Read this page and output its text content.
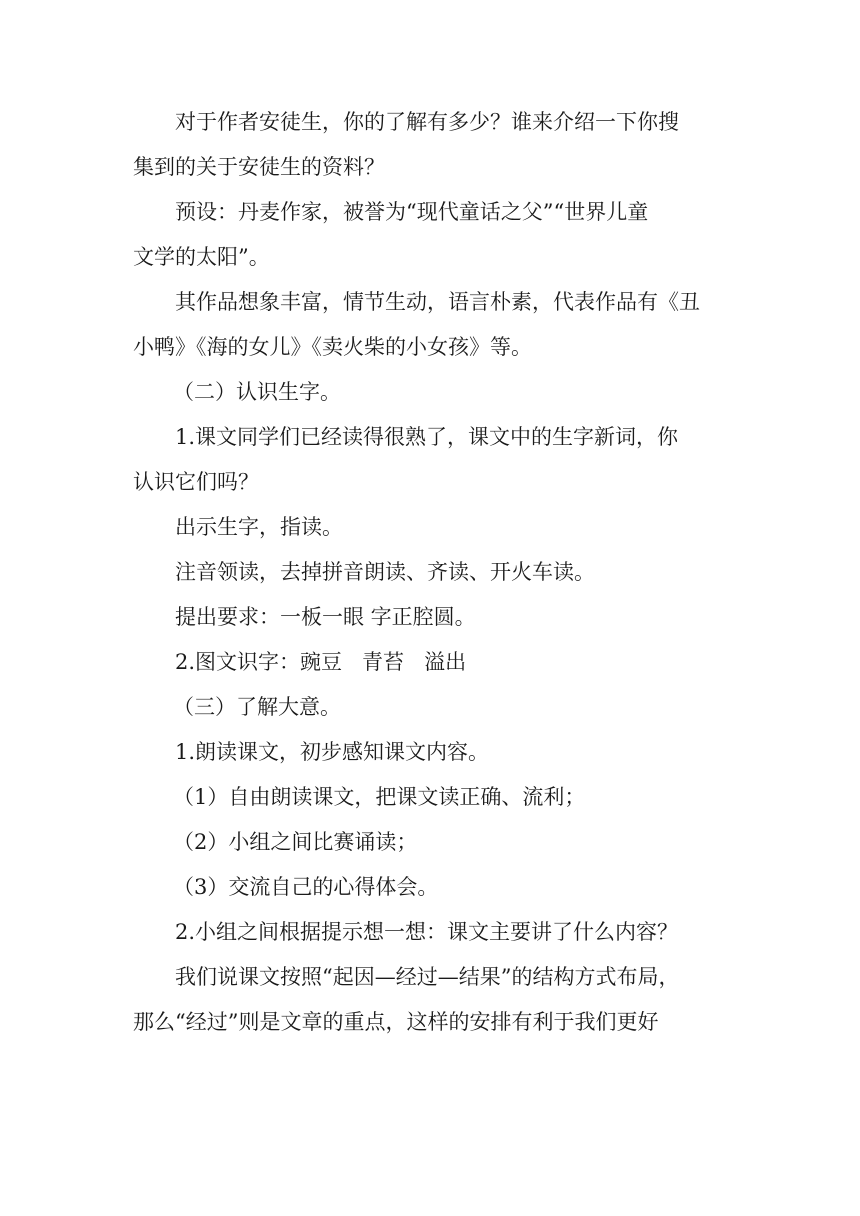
对于作者安徒生，你的了解有多少？谁来介绍一下你搜
集到的关于安徒生的资料？
预设：丹麦作家，被誉为“现代童话之父”“世界儿童
文学的太阳”。
其作品想象丰富，情节生动，语言朴素，代表作品有《丑
小鸭》《海的女儿》《卖火柴的小女孩》等。
（二）认识生字。
1.课文同学们已经读得很熟了，课文中的生字新词，你
认识它们吗？
出示生字，指读。
注音领读，去掉拼音朗读、齐读、开火车读。
提出要求：一板一眼 字正腔圆。
2.图文识字：豌豆   青苔   溢出
（三）了解大意。
1.朗读课文，初步感知课文内容。
（1）自由朗读课文，把课文读正确、流利；
（2）小组之间比赛诵读；
（3）交流自己的心得体会。
2.小组之间根据提示想一想：课文主要讲了什么内容？
我们说课文按照“起因—经过—结果”的结构方式布局，
那么“经过”则是文章的重点，这样的安排有利于我们更好
